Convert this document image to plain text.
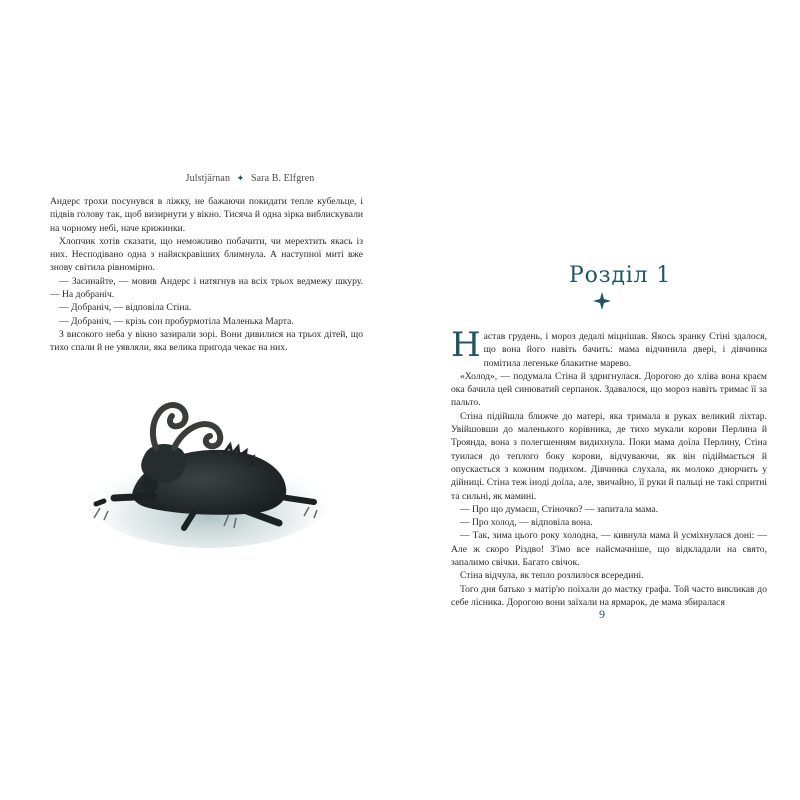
Julstjärnan ✦ Sara B. Elfgren

Андерс трохи посунувся в ліжку, не бажаючи покидати тепле кубельце, і підвів голову так, щоб визирнути у вікно. Тисяча й одна зірка виблискували на чорному небі, наче крижинки.

Хлопчик хотів сказати, що неможливо побачити, чи мерехтить якась із них. Несподівано одна з найяскравіших блимнула. А наступної миті вже знову світила рівномірно.

— Засинайте, — мовив Андерс і натягнув на всіх трьох ведмежу шкуру. — На добраніч.

— Добраніч, — відповіла Стіна.

— Добраніч, — крізь сон пробурмотіла Маленька Марта.

З високого неба у вікно зазирали зорі. Вони дивилися на трьох дітей, що тихо спали й не уявляли, яка велика пригода чекає на них.

Розділ 1

Настав грудень, і мороз дедалі міцнішав. Якось зранку Стіні здалося, що вона його навіть бачить: мама відчинила двері, і дівчинка помітила легеньке блакитне марево.

«Холод», — подумала Стіна й здригнулася. Дорогою до хліва вона краєм ока бачила цей синюватий серпанок. Здавалося, що мороз навіть тримає її за пальто.

Стіна підійшла ближче до матері, яка тримала в руках великий ліхтар. Увійшовши до маленького корівника, де тихо мукали корови Перлина й Троянда, вона з полегшенням видихнула. Поки мама доїла Перлину, Стіна туилася до теплого боку корови, відчуваючи, як він підіймається й опускається з кожним подихом. Дівчинка слухала, як молоко дзюрчить у дійниці. Стіна теж іноді доїла, але, звичайно, її руки й пальці не такі спритні та сильні, як мамині.

— Про що думаєш, Стіночко? — запитала мама.

— Про холод, — відповіла вона.

— Так, зима цього року холодна, — кивнула мама й усміхнулася доні: — Але ж скоро Різдво! З'їмо все найсмачніше, що відкладали на свято, запалимо свічки. Багато свічок.

Стіна відчула, як тепло розлилося всередині.

Того дня батько з матір'ю поїхали до маєтку графа. Той часто викликав до себе лісника. Дорогою вони заїхали на ярмарок, де мама збиралася

9
